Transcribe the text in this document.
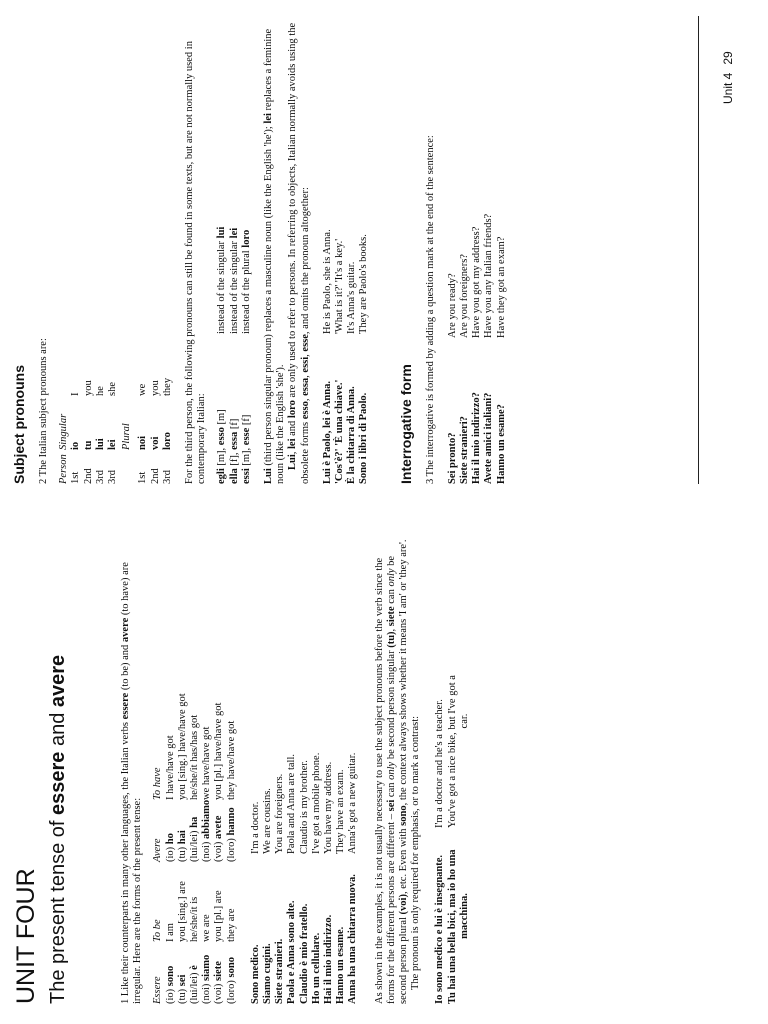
Unit 429
UNIT FOUR The present tense of essere and avere

1 Like their counterparts in many other languages, the Italian verbs essere (to be) and avere (to have) are irregular. Here are the forms of the present tense: Essere
To be
Avere
To have
(io) sono
I am
(io) ho
I have/have got
(tu) sei
you [sing.] are
(tu) hai
you [sing.] have/have got
(lui/lei) è
he/she/it is
(lui/lei) ha
he/she/it has/has got
(noi) siamo
we are
(noi) abbiamo
we have/have got
(voi) siete
you [pl.] are
(voi) avete
you [pl.] have/have got
(loro) sono
they are
(loro) hanno
they have/have got
Sono medico.
I'm a doctor.
Siamo cugini.
We are cousins.
Siete stranieri.
You are foreigners.
Paola e Anna sono alte.
Paola and Anna are tall.
Claudio è mio fratello.
Claudio is my brother.
Ho un cellulare.
I've got a mobile phone.
Hai il mio indirizzo.
You have my address.
Hanno un esame.
They have an exam.
Anna ha una chitarra nuova.
Anna's got a new guitar. As shown in the examples, it is not usually necessary to use the subject pronouns before the verb since the forms for the different persons are different – sei can only be second person singular (tu), siete can only be second person plural (voi), etc. Even with sono, the context always shows whether it means 'I am' or 'they are'.

The pronoun is only required for emphasis, or to mark a contrast: Io sono medico e lui è insegnante.
I'm a doctor and he's a teacher.
Tu hai una bella bici, ma io ho una
You've got a nice bike, but I've got a
macchina.
car.
Subject pronouns 2 The Italian subject pronouns are: Person
Singular
1st
io
I
2nd
tu
you
3rd
lui
he
3rd
lei
she
Plural
1st
noi
we
2nd
voi
you
3rd
loro
they For the third person, the following pronouns can still be found in some texts, but are not normally used in contemporary Italian: egli [m], esso [m]
instead of the singular lui
ella [f], essa [f]
instead of the singular lei
essi [m], esse [f]
instead of the plural loro

Lui (third person singular pronoun) replaces a masculine noun (like the English 'he'); lei replaces a feminine noun (like the English 'she'). Lui, lei and loro are only used to refer to persons. In referring to objects, Italian normally avoids using the obsolete forms esso, essa, essi, esse, and omits the pronoun altogether:

Lui è Paolo, lei è Anna.
He is Paolo, she is Anna.
'Cos'è?' 'È una chiave.'
'What is it?' 'It's a key.'
È la chitarra di Anna.
It's Anna's guitar.
Sono i libri di Paolo.
They are Paolo's books.
Interrogative form 3 The interrogative is formed by adding a question mark at the end of the sentence: Sei pronto?
Are you ready?
Siete stranieri?
Are you foreigners?
Hai il mio indirizzo?
Have you got my address?
Avete amici italiani?
Have you any Italian friends?
Hanno un esame?
Have they got an exam?
